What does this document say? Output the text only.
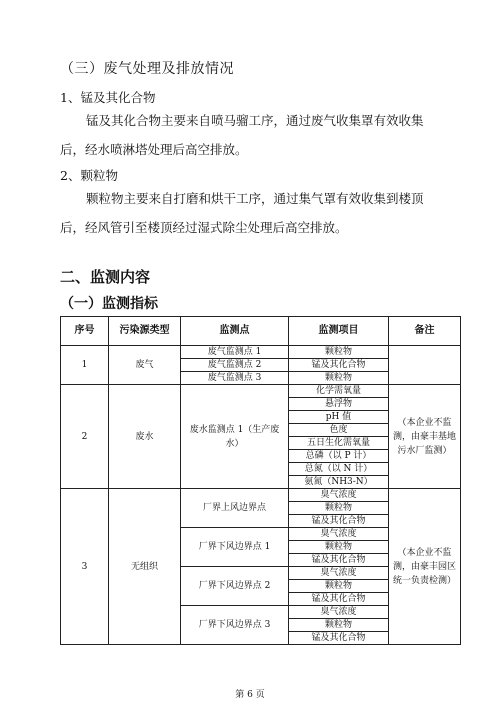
（三）废气处理及排放情况
1、锰及其化合物
锰及其化合物主要来自喷马骝工序，通过废气收集罩有效收集后，经水喷淋塔处理后高空排放。
2、颗粒物
颗粒物主要来自打磨和烘干工序，通过集气罩有效收集到楼顶后，经风管引至楼顶经过湿式除尘处理后高空排放。
二、监测内容
（一）监测指标
序号	污染源类型	监测点	监测项目	备注
1	废气	废气监测点 1	颗粒物	
		废气监测点 2	锰及其化合物	
		废气监测点 3	颗粒物	
2	废水	废水监测点 1（生产废水）	化学需氧量	（本企业不监测，由豪丰基地污水厂监测）
			悬浮物	
			pH 值	
			色度	
			五日生化需氧量	
			总磷（以 P 计）	
			总氮（以 N 计）	
			氨氮（NH3-N）	
3	无组织	厂界上风边界点	臭气浓度	（本企业不监测，由豪丰园区统一负责检测）
			颗粒物	
			锰及其化合物	
		厂界下风边界点 1	臭气浓度	
			颗粒物	
			锰及其化合物	
		厂界下风边界点 2	臭气浓度	
			颗粒物	
			锰及其化合物	
		厂界下风边界点 3	臭气浓度	
			颗粒物	
			锰及其化合物	
第 6 页
